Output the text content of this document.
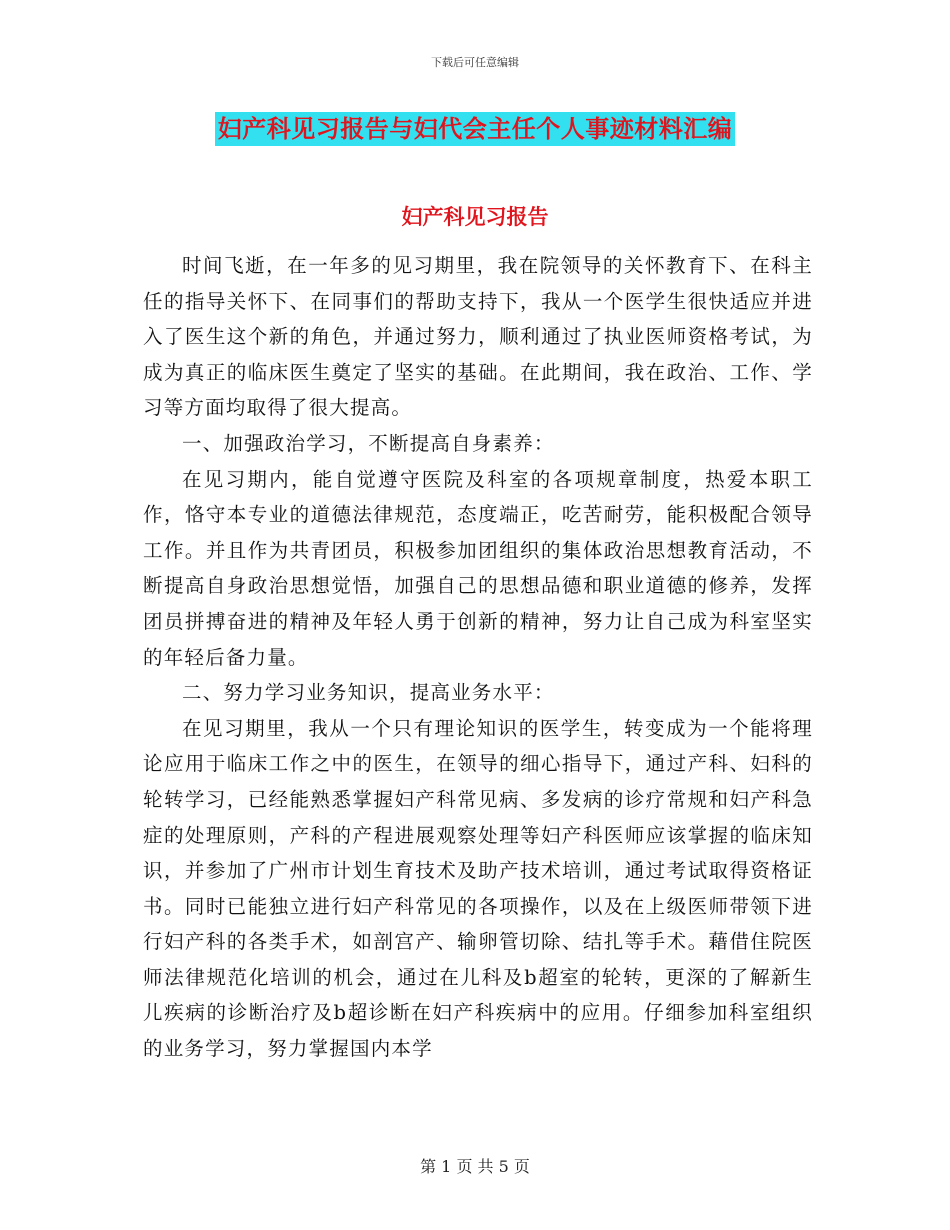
下载后可任意编辑
妇产科见习报告与妇代会主任个人事迹材料汇编
妇产科见习报告

时间飞逝，在一年多的见习期里，我在院领导的关怀教育下、在科主任的指导关怀下、在同事们的帮助支持下，我从一个医学生很快适应并进入了医生这个新的角色，并通过努力，顺利通过了执业医师资格考试，为成为真正的临床医生奠定了坚实的基础。在此期间，我在政治、工作、学习等方面均取得了很大提高。

一、加强政治学习，不断提高自身素养：

在见习期内，能自觉遵守医院及科室的各项规章制度，热爱本职工作，恪守本专业的道德法律规范，态度端正，吃苦耐劳，能积极配合领导工作。并且作为共青团员，积极参加团组织的集体政治思想教育活动，不断提高自身政治思想觉悟，加强自己的思想品德和职业道德的修养，发挥团员拼搏奋进的精神及年轻人勇于创新的精神，努力让自己成为科室坚实的年轻后备力量。

二、努力学习业务知识，提高业务水平：

在见习期里，我从一个只有理论知识的医学生，转变成为一个能将理论应用于临床工作之中的医生，在领导的细心指导下，通过产科、妇科的轮转学习，已经能熟悉掌握妇产科常见病、多发病的诊疗常规和妇产科急症的处理原则，产科的产程进展观察处理等妇产科医师应该掌握的临床知识，并参加了广州市计划生育技术及助产技术培训，通过考试取得资格证书。同时已能独立进行妇产科常见的各项操作，以及在上级医师带领下进行妇产科的各类手术，如剖宫产、输卵管切除、结扎等手术。藉借住院医师法律规范化培训的机会，通过在儿科及b超室的轮转，更深的了解新生儿疾病的诊断治疗及b超诊断在妇产科疾病中的应用。仔细参加科室组织的业务学习，努力掌握国内本学

第 1 页 共 5 页
